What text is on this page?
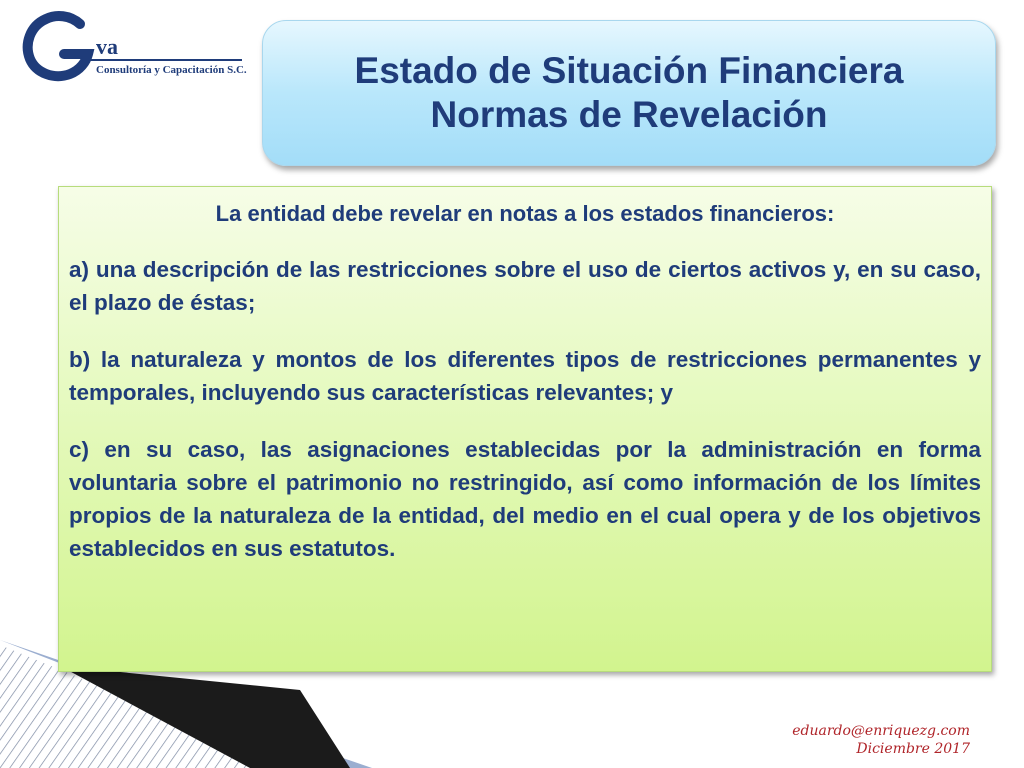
va
Consultoría y Capacitación S.C.	Estado de Situación Financiera
Normas de Revelación

La entidad debe revelar en notas a los estados financieros:

a) una descripción de las restricciones sobre el uso de ciertos activos y, en su caso, el plazo de éstas;

b) la naturaleza y montos de los diferentes tipos de restricciones permanentes y temporales, incluyendo sus características relevantes; y

c) en su caso, las asignaciones establecidas por la administración en forma voluntaria sobre el patrimonio no restringido, así como información de los límites propios de la naturaleza de la entidad, del medio en el cual opera y de los objetivos establecidos en sus estatutos.

eduardo@enriquezg.com
Diciembre 2017
